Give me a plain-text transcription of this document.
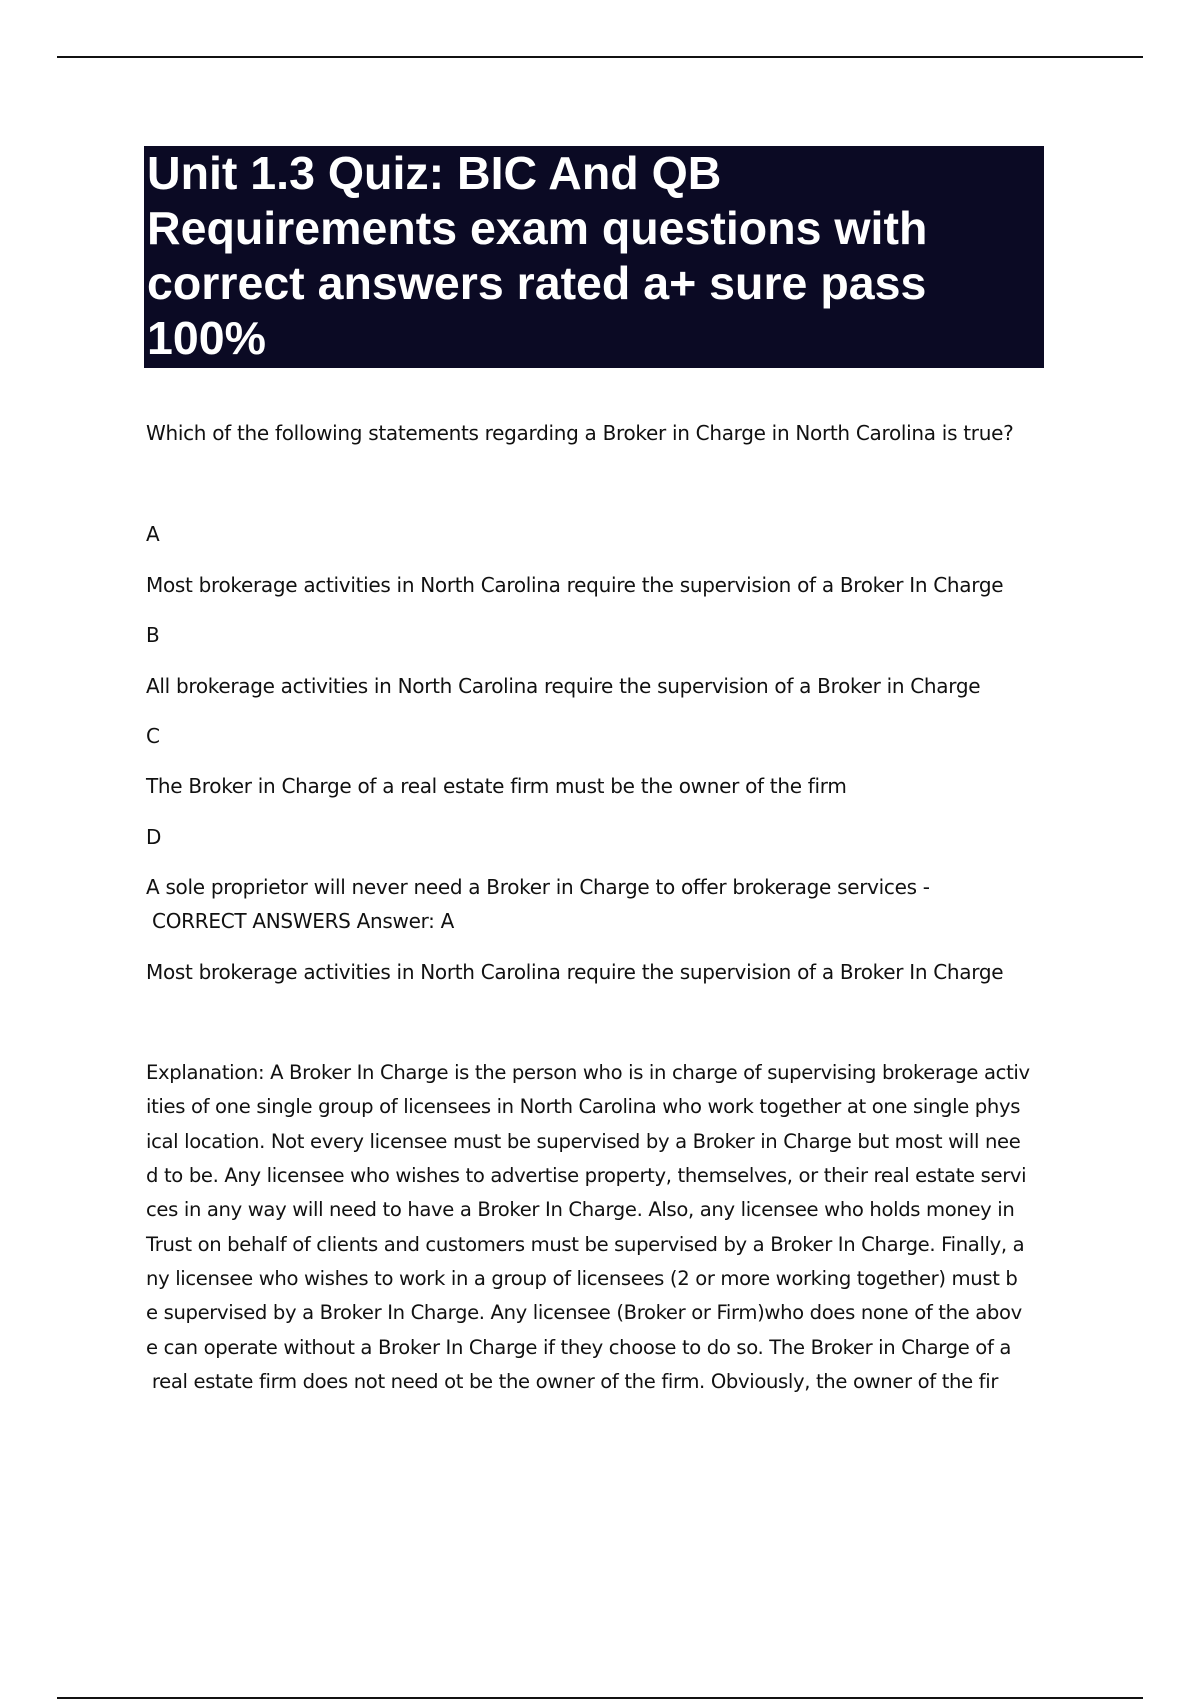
Unit 1.3 Quiz: BIC And QB
Requirements exam questions with
correct answers rated a+ sure pass
100%
Which of the following statements regarding a Broker in Charge in North Carolina is true?
A
Most brokerage activities in North Carolina require the supervision of a Broker In Charge
B
All brokerage activities in North Carolina require the supervision of a Broker in Charge
C
The Broker in Charge of a real estate firm must be the owner of the firm
D
A sole proprietor will never need a Broker in Charge to offer brokerage services -
CORRECT ANSWERS Answer: A
Most brokerage activities in North Carolina require the supervision of a Broker In Charge
Explanation: A Broker In Charge is the person who is in charge of supervising brokerage activ
ities of one single group of licensees in North Carolina who work together at one single phys
ical location. Not every licensee must be supervised by a Broker in Charge but most will nee
d to be. Any licensee who wishes to advertise property, themselves, or their real estate servi
ces in any way will need to have a Broker In Charge. Also, any licensee who holds money in
Trust on behalf of clients and customers must be supervised by a Broker In Charge. Finally, a
ny licensee who wishes to work in a group of licensees (2 or more working together) must b
e supervised by a Broker In Charge. Any licensee (Broker or Firm)who does none of the abov
e can operate without a Broker In Charge if they choose to do so. The Broker in Charge of a
real estate firm does not need ot be the owner of the firm. Obviously, the owner of the fir
